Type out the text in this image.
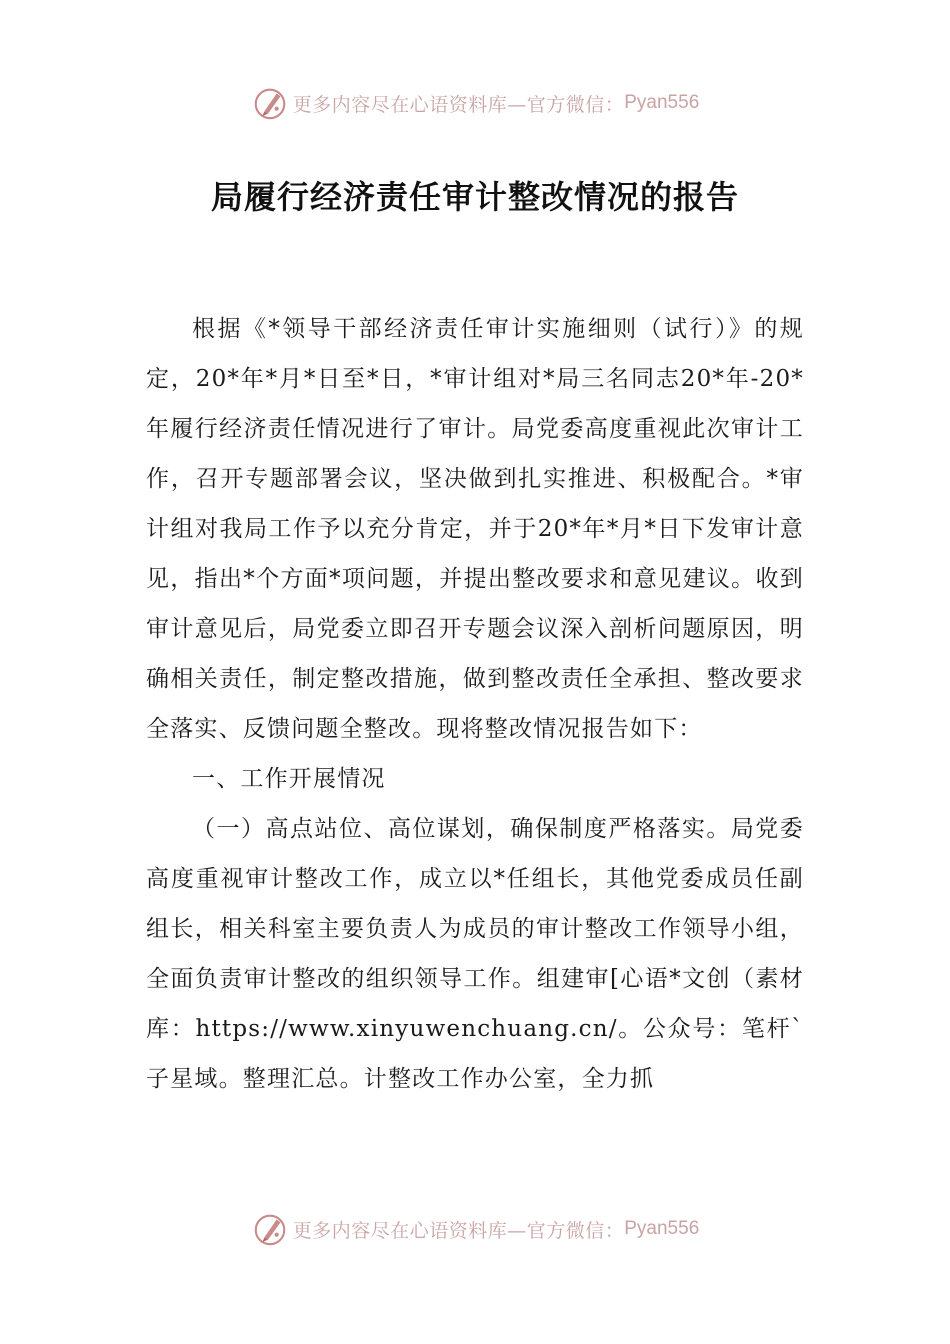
更多内容尽在心语资料库—官方微信： Pyan556
局履行经济责任审计整改情况的报告

根据《*领导干部经济责任审计实施细则（试行）》的规定，20*年*月*日至*日，*审计组对*局三名同志20*年-20*年履行经济责任情况进行了审计。局党委高度重视此次审计工作，召开专题部署会议，坚决做到扎实推进、积极配合。*审计组对我局工作予以充分肯定，并于20*年*月*日下发审计意见，指出*个方面*项问题，并提出整改要求和意见建议。收到审计意见后，局党委立即召开专题会议深入剖析问题原因，明确相关责任，制定整改措施，做到整改责任全承担、整改要求全落实、反馈问题全整改。现将整改情况报告如下：

一、工作开展情况

（一）高点站位、高位谋划，确保制度严格落实。局党委高度重视审计整改工作，成立以*任组长，其他党委成员任副组长，相关科室主要负责人为成员的审计整改工作领导小组，全面负责审计整改的组织领导工作。组建审[心语*文创（素材库：https://www.xinyuwenchuang.cn/。公众号：笔杆`子星域。整理汇总。计整改工作办公室，全力抓

更多内容尽在心语资料库—官方微信： Pyan556
